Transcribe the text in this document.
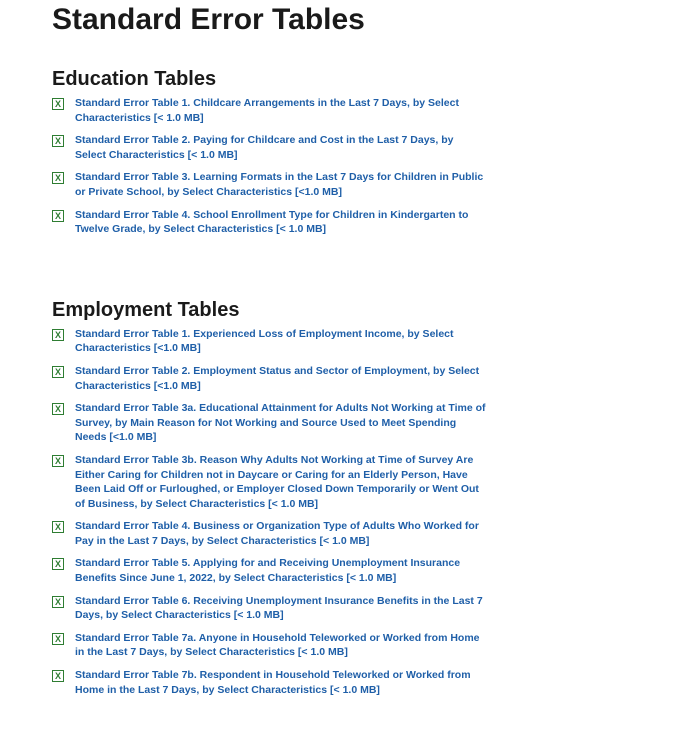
Standard Error Tables
Education Tables
X Standard Error Table 1. Childcare Arrangements in the Last 7 Days, by Select Characteristics [< 1.0 MB]
X Standard Error Table 2. Paying for Childcare and Cost in the Last 7 Days, by Select Characteristics [< 1.0 MB]
X Standard Error Table 3. Learning Formats in the Last 7 Days for Children in Public or Private School, by Select Characteristics [<1.0 MB]
X Standard Error Table 4. School Enrollment Type for Children in Kindergarten to Twelve Grade, by Select Characteristics [< 1.0 MB]
Employment Tables
X Standard Error Table 1. Experienced Loss of Employment Income, by Select Characteristics [<1.0 MB]
X Standard Error Table 2. Employment Status and Sector of Employment, by Select Characteristics [<1.0 MB]
X Standard Error Table 3a. Educational Attainment for Adults Not Working at Time of Survey, by Main Reason for Not Working and Source Used to Meet Spending Needs [<1.0 MB]
X Standard Error Table 3b. Reason Why Adults Not Working at Time of Survey Are Either Caring for Children not in Daycare or Caring for an Elderly Person, Have Been Laid Off or Furloughed, or Employer Closed Down Temporarily or Went Out of Business, by Select Characteristics [< 1.0 MB]
X Standard Error Table 4. Business or Organization Type of Adults Who Worked for Pay in the Last 7 Days, by Select Characteristics [< 1.0 MB]
X Standard Error Table 5. Applying for and Receiving Unemployment Insurance Benefits Since June 1, 2022, by Select Characteristics [< 1.0 MB]
X Standard Error Table 6. Receiving Unemployment Insurance Benefits in the Last 7 Days, by Select Characteristics [< 1.0 MB]
X Standard Error Table 7a. Anyone in Household Teleworked or Worked from Home in the Last 7 Days, by Select Characteristics [< 1.0 MB]
X Standard Error Table 7b. Respondent in Household Teleworked or Worked from Home in the Last 7 Days, by Select Characteristics [< 1.0 MB]
